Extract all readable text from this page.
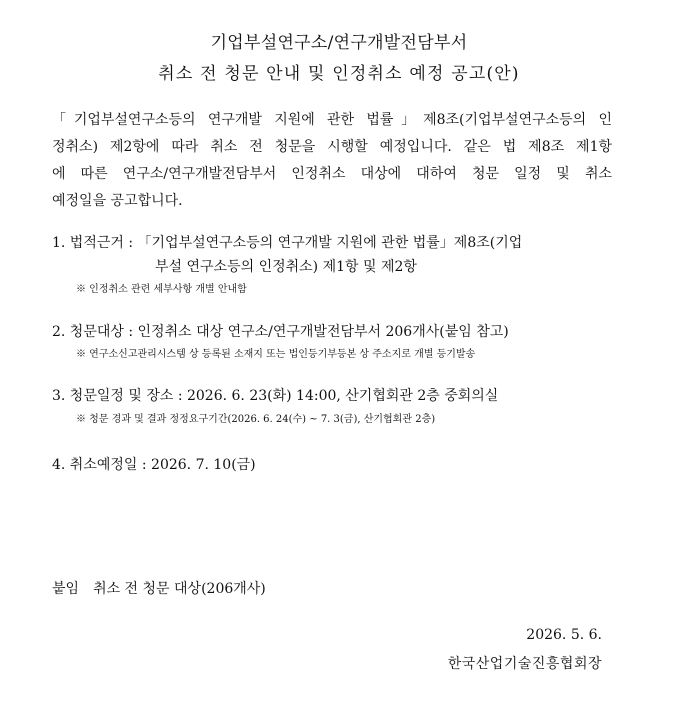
기업부설연구소/연구개발전담부서
취소 전 청문 안내 및 인정취소 예정 공고(안)
「기업부설연구소등의 연구개발 지원에 관한 법률」제8조(기업부설연구소등의 인
정취소) 제2항에 따라 취소 전 청문을 시행할 예정입니다. 같은 법 제8조 제1항
에 따른 연구소/연구개발전담부서 인정취소 대상에 대하여 청문 일정 및 취소
예정일을 공고합니다.
1. 법적근거 : 「기업부설연구소등의 연구개발 지원에 관한 법률」제8조(기업
부설 연구소등의 인정취소) 제1항 및 제2항
※ 인정취소 관련 세부사항 개별 안내함
2. 청문대상 : 인정취소 대상 연구소/연구개발전담부서 206개사(붙임 참고)
※ 연구소신고관리시스템 상 등록된 소재지 또는 법인등기부등본 상 주소지로 개별 등기발송
3. 청문일정 및 장소 : 2026. 6. 23(화) 14:00, 산기협회관 2층 중회의실
※ 청문 경과 및 결과 정정요구기간(2026. 6. 24(수) ~ 7. 3(금), 산기협회관 2층)
4. 취소예정일 : 2026. 7. 10(금)
붙임 취소 전 청문 대상(206개사)
2026. 5. 6.
한국산업기술진흥협회장
